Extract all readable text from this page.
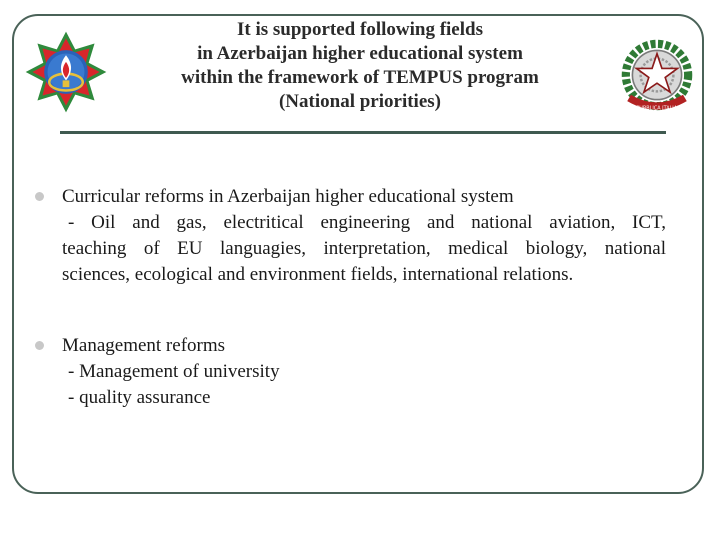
REPUBBLICA ITALIANA
It is supported following fields
in Azerbaijan higher educational system
within the framework of TEMPUS program
(National priorities)
Curricular reforms in Azerbaijan higher educational system
- Oil and gas, electritical engineering and national aviation, ICT,
teaching of EU languagies, interpretation, medical biology, national
sciences, ecological and environment fields, international relations.
Management reforms
- Management of university
- quality assurance
